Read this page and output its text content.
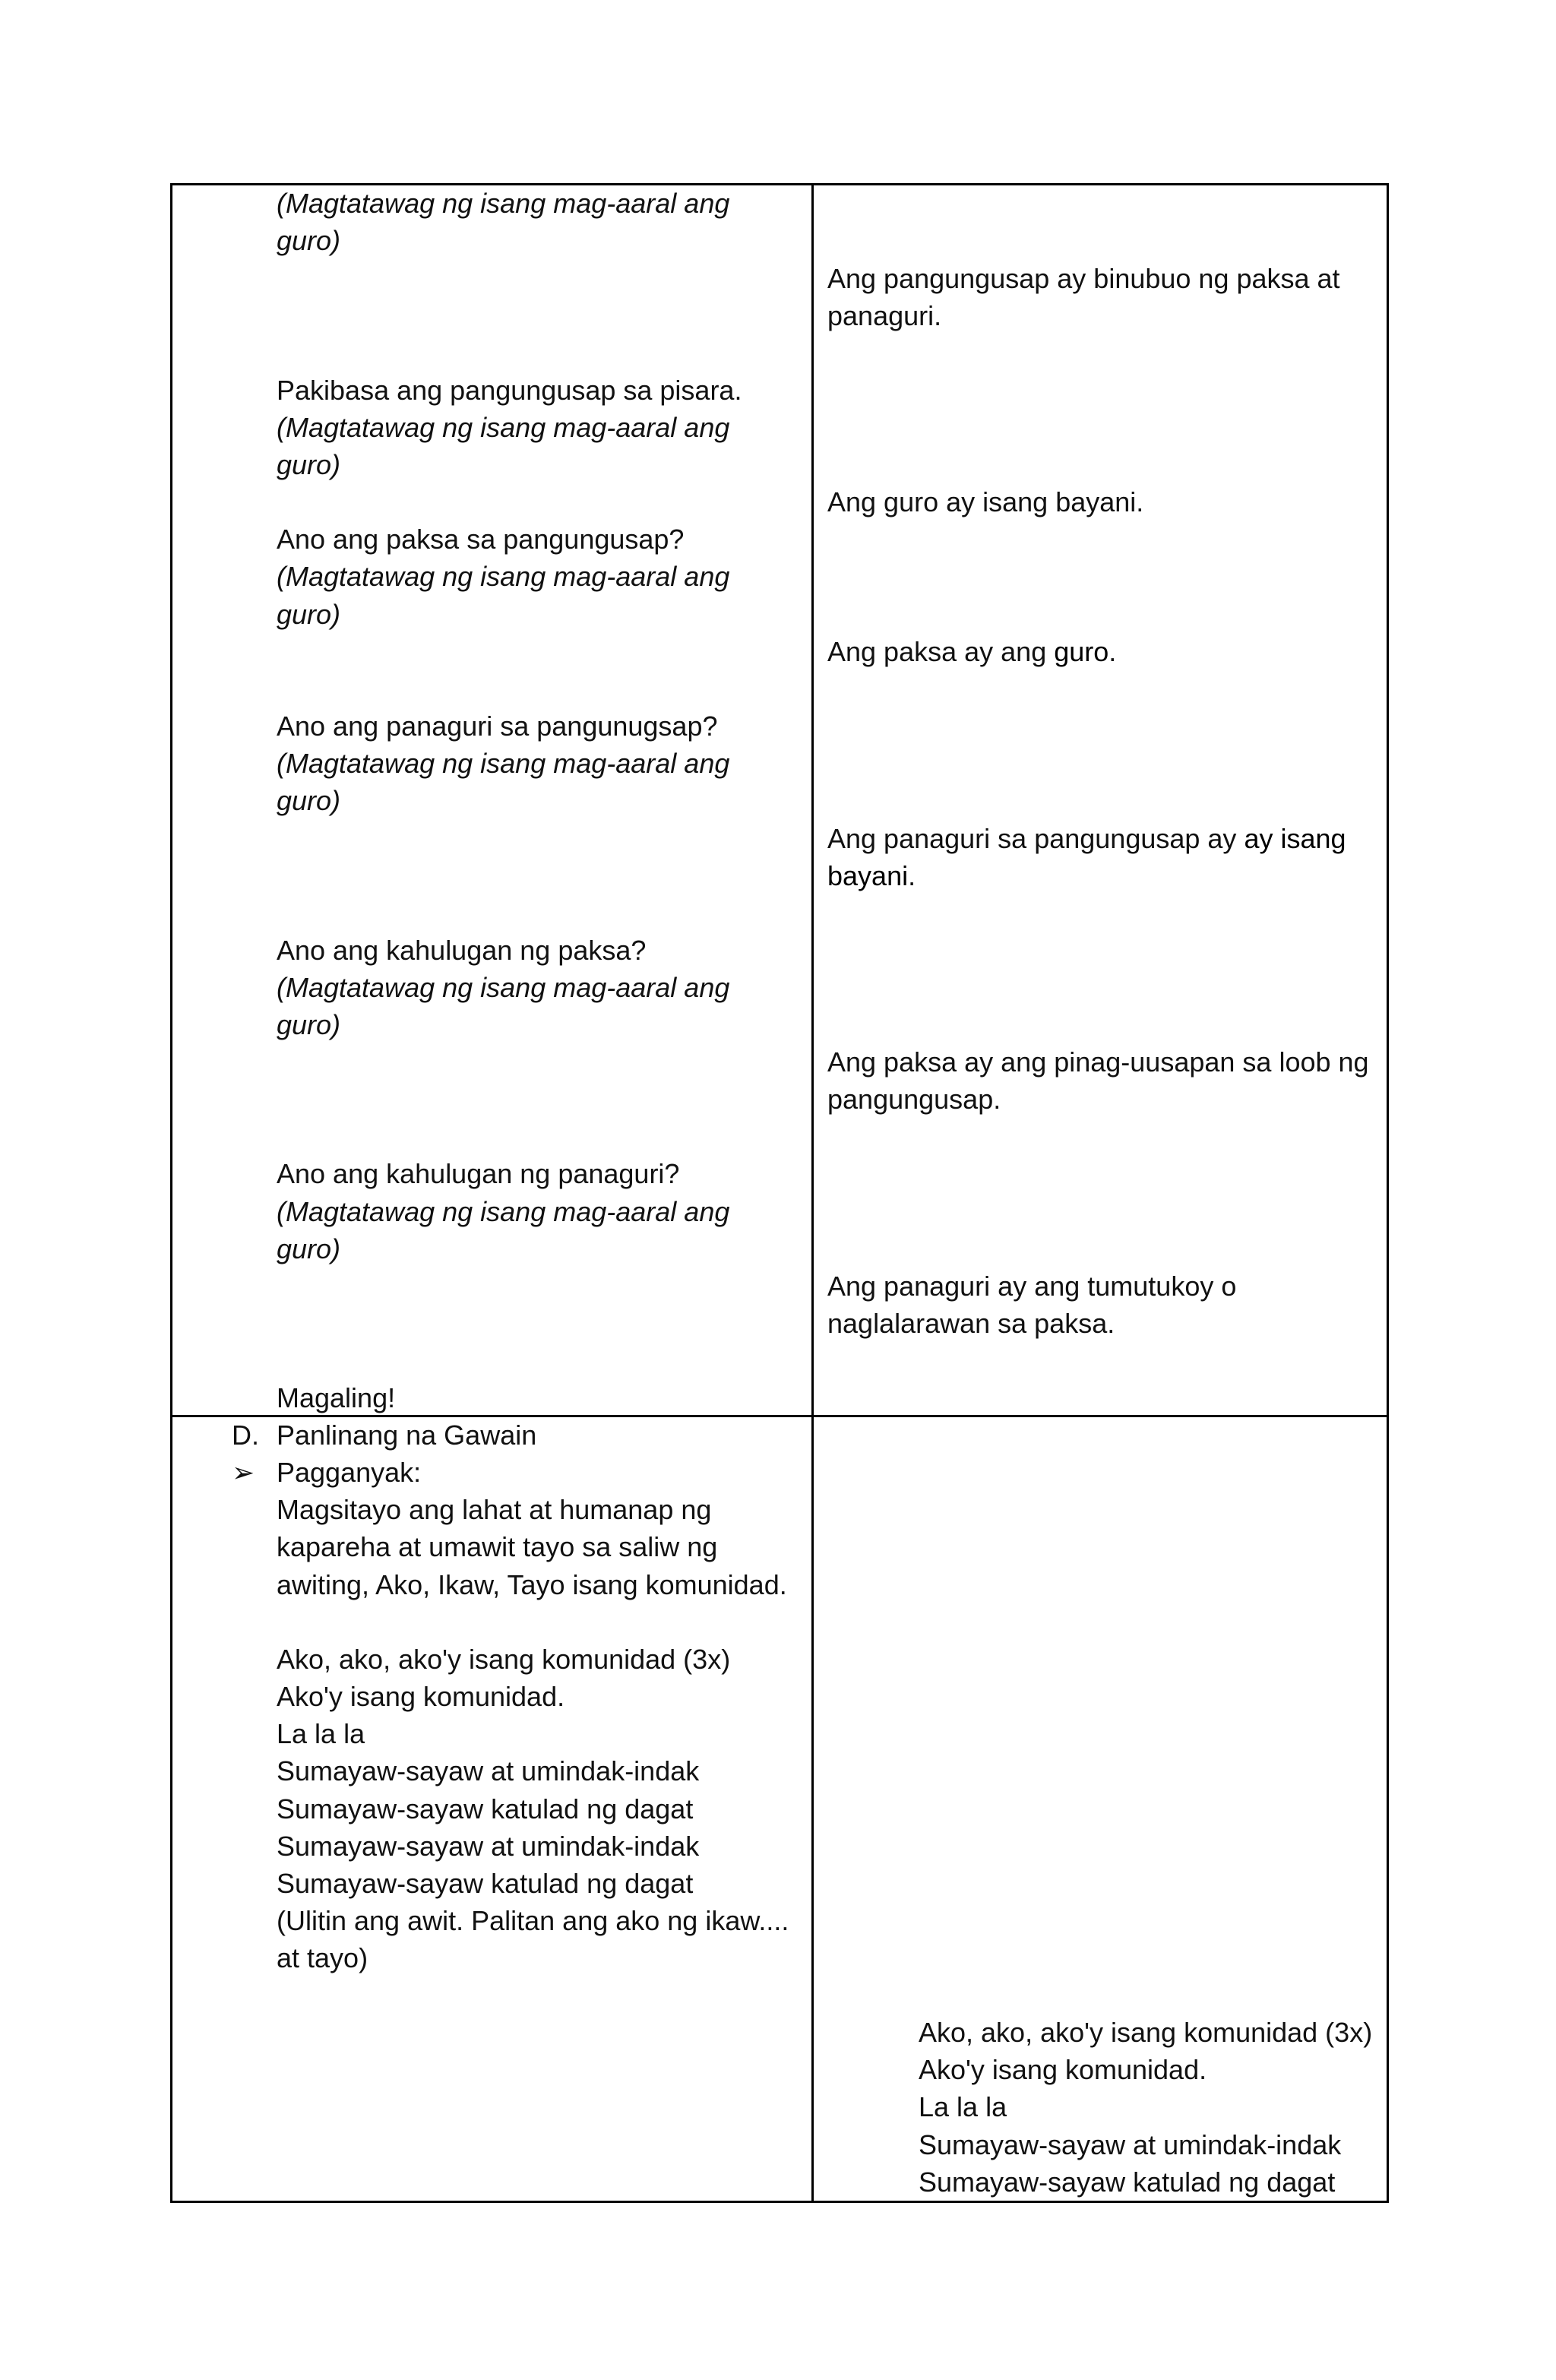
(Magtatawag ng isang mag-aaral ang
guro)
Pakibasa ang pangungusap sa pisara.
(Magtatawag ng isang mag-aaral ang
guro)
Ano ang paksa sa pangungusap?
(Magtatawag ng isang mag-aaral ang
guro)
Ano ang panaguri sa pangunugsap?
(Magtatawag ng isang mag-aaral ang
guro)
Ano ang kahulugan ng paksa?
(Magtatawag ng isang mag-aaral ang
guro)
Ano ang kahulugan ng panaguri?
(Magtatawag ng isang mag-aaral ang
guro)
Magaling!
Ang pangungusap ay binubuo ng paksa at
panaguri.
Ang guro ay isang bayani.
Ang paksa ay ang guro.
Ang panaguri sa pangungusap ay ay isang
bayani.
Ang paksa ay ang pinag-uusapan sa loob ng
pangungusap.
Ang panaguri ay ang tumutukoy o
naglalarawan sa paksa.
D. Panlinang na Gawain
➢ Pagganyak:
Magsitayo ang lahat at humanap ng
kapareha at umawit tayo sa saliw ng
awiting, Ako, Ikaw, Tayo isang komunidad.
Ako, ako, ako'y isang komunidad (3x)
Ako'y isang komunidad.
La la la
Sumayaw-sayaw at umindak-indak
Sumayaw-sayaw katulad ng dagat
Sumayaw-sayaw at umindak-indak
Sumayaw-sayaw katulad ng dagat
(Ulitin ang awit. Palitan ang ako ng ikaw....
at tayo)
Ako, ako, ako'y isang komunidad (3x)
Ako'y isang komunidad.
La la la
Sumayaw-sayaw at umindak-indak
Sumayaw-sayaw katulad ng dagat
